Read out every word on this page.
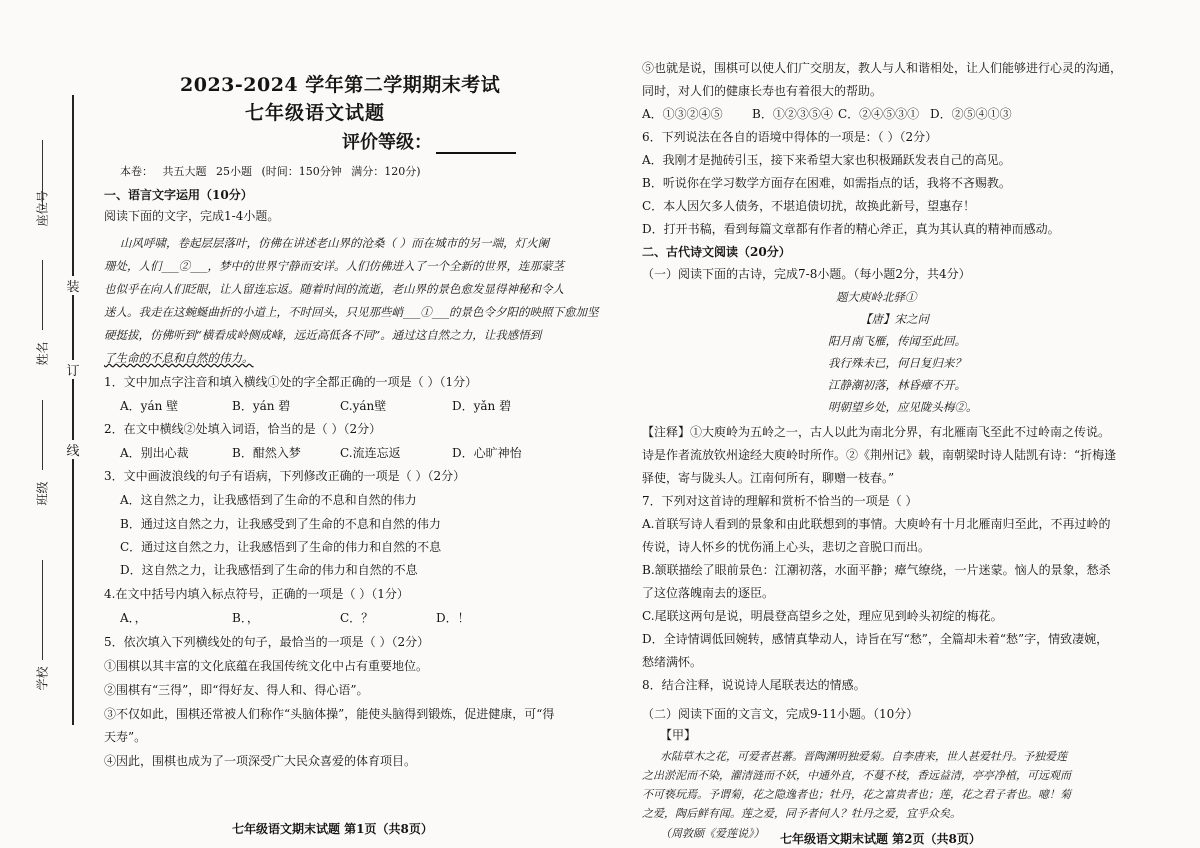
座位号
姓名
班级
学校
装
订
线
2023-2024 学年第二学期期末考试
七年级语文试题
评价等级：
本卷： 共五大题 25小题 (时间：150分钟 满分：120分)
一、语言文字运用（10分）
阅读下面的文字，完成1-4小题。
山风呼啸，卷起层层落叶，仿佛在讲述老山界的沧桑（ ）而在城市的另一端，灯火阑
珊处，人们___②___，梦中的世界宁静而安详。人们仿佛进入了一个全新的世界，连那蒙茎
也似乎在向人们眨眼，让人留连忘返。随着时间的流逝，老山界的景色愈发显得神秘和令人
迷人。我走在这蜿蜒曲折的小道上，不时回头，只见那些峭___①___的景色令夕阳的映照下愈加坚
硬挺拔，仿佛听到“横看成岭侧成峰，远近高低各不同”。通过这自然之力，让我感悟到
了生命的不息和自然的伟力。
1．文中加点字注音和填入横线①处的字全都正确的一项是（ ）（1分）
A．yán 壁	B．yán 碧	C.yán壁	D．yǎn 碧
2．在文中横线②处填入词语，恰当的是（ ）（2分）
A．别出心裁	B．酣然入梦	C.流连忘返	D．心旷神怡
3．文中画波浪线的句子有语病，下列修改正确的一项是（ ）（2分）
A．这自然之力，让我感悟到了生命的不息和自然的伟力
B．通过这自然之力，让我感受到了生命的不息和自然的伟力
C．通过这自然之力，让我感悟到了生命的伟力和自然的不息
D．这自然之力，让我感悟到了生命的伟力和自然的不息
4.在文中括号内填入标点符号，正确的一项是（ ）（1分）
A．，	B．，	C．？	D．！
5．依次填入下列横线处的句子，最恰当的一项是（ ）（2分）
①围棋以其丰富的文化底蕴在我国传统文化中占有重要地位。
②围棋有“三得”，即“得好友、得人和、得心语”。
③不仅如此，围棋还常被人们称作“头脑体操”，能使头脑得到锻炼，促进健康，可“得
天寿”。
④因此，围棋也成为了一项深受广大民众喜爱的体育项目。
七年级语文期末试题 第1页（共8页）
⑤也就是说，围棋可以使人们广交朋友，教人与人和谐相处，让人们能够进行心灵的沟通，
同时，对人们的健康长寿也有着很大的帮助。
A．①③②④⑤ B．①②③⑤④ C．②④⑤③① D．②⑤④①③
6．下列说法在各自的语境中得体的一项是：（ ）（2分）
A．我刚才是抛砖引玉，接下来希望大家也积极踊跃发表自己的高见。
B．听说你在学习数学方面存在困难，如需指点的话，我将不吝赐教。
C．本人因欠多人债务，不堪追债切扰，故换此新号，望惠存！
D．打开书稿，看到每篇文章都有作者的精心斧正，真为其认真的精神而感动。
二、古代诗文阅读（20分）
（一）阅读下面的古诗，完成7-8小题。（每小题2分，共4分）
题大庾岭北驿①
【唐】宋之问
阳月南飞雁，传闻至此回。
我行殊未已，何日复归来？
江静潮初落，林昏瘴不开。
明朝望乡处，应见陇头梅②。
【注释】①大庾岭为五岭之一，古人以此为南北分界，有北雁南飞至此不过岭南之传说。
诗是作者流放钦州途经大庾岭时所作。②《荆州记》载，南朝梁时诗人陆凯有诗：“折梅逢
驿使，寄与陇头人。江南何所有，聊赠一枝春。”
7．下列对这首诗的理解和赏析不恰当的一项是（ ）
A.首联写诗人看到的景象和由此联想到的事情。大庾岭有十月北雁南归至此，不再过岭的
传说，诗人怀乡的忧伤涌上心头，悲切之音脱口而出。
B.颔联描绘了眼前景色：江潮初落，水面平静；瘴气缭绕，一片迷蒙。恼人的景象，愁杀
了这位落魄南去的逐臣。
C.尾联这两句是说，明晨登高望乡之处，理应见到岭头初绽的梅花。
D．全诗情调低回婉转，感情真挚动人，诗旨在写“愁”，全篇却未着“愁”字，情致凄婉，
愁绪满怀。
8．结合注释，说说诗人尾联表达的情感。
（二）阅读下面的文言文，完成9-11小题。（10分）
【甲】
水陆草木之花，可爱者甚蕃。晋陶渊明独爱菊。自李唐来，世人甚爱牡丹。予独爱莲
之出淤泥而不染，濯清涟而不妖，中通外直，不蔓不枝，香远益清，亭亭净植，可远观而
不可亵玩焉。予谓菊，花之隐逸者也；牡丹，花之富贵者也；莲，花之君子者也。噫！菊
之爱，陶后鲜有闻。莲之爱，同予者何人？牡丹之爱，宜乎众矣。
（周敦颐《爱莲说》） 七年级语文期末试题 第2页（共8页）
